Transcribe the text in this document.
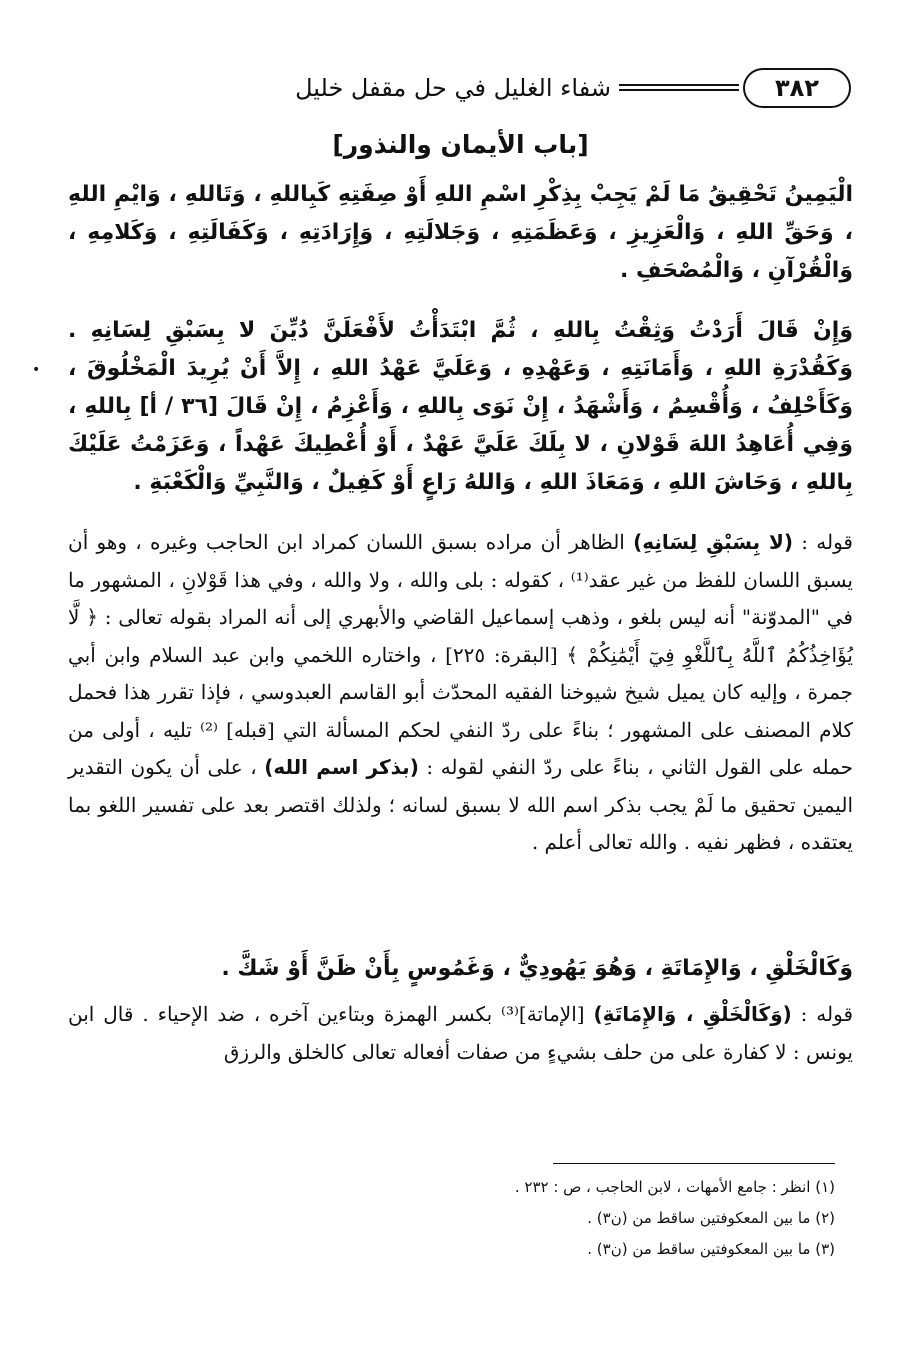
٣٨٢
شفاء الغليل في حل مقفل خليل
[باب الأيمان والنذور]
•
الْيَمِينُ تَحْقِيقُ مَا لَمْ يَجِبْ بِذِكْرِ اسْمِ اللهِ أَوْ صِفَتِهِ كَبِاللهِ ، وَتَاللهِ ، وَايْمِ اللهِ ، وَحَقِّ اللهِ ، وَالْعَزِيزِ ، وَعَظَمَتِهِ ، وَجَلالَتِهِ ، وَإِرَادَتِهِ ، وَكَفَالَتِهِ ، وَكَلامِهِ ، وَالْقُرْآنِ ، وَالْمُصْحَفِ .
وَإِنْ قَالَ أَرَدْتُ وَثِقْتُ بِاللهِ ، ثُمَّ ابْتَدَأْتُ لأَفْعَلَنَّ دُيِّنَ لا بِسَبْقِ لِسَانِهِ . وَكَقُدْرَةِ اللهِ ، وَأَمَانَتِهِ ، وَعَهْدِهِ ، وَعَلَيَّ عَهْدُ اللهِ ، إِلاَّ أَنْ يُرِيدَ الْمَخْلُوقَ ، وَكَأَحْلِفُ ، وَأُقْسِمُ ، وَأَشْهَدُ ، إِنْ نَوَى بِاللهِ ، وَأَعْزِمُ ، إِنْ قَالَ [٣٦ / أ] بِاللهِ ، وَفِي أُعَاهِدُ اللهَ قَوْلانِ ، لا بِلَكَ عَلَيَّ عَهْدٌ ، أَوْ أُعْطِيكَ عَهْداً ، وَعَزَمْتُ عَلَيْكَ بِاللهِ ، وَحَاشَ اللهِ ، وَمَعَاذَ اللهِ ، وَاللهُ رَاعٍ أَوْ كَفِيلٌ ، وَالنَّبِيِّ وَالْكَعْبَةِ .
قوله : (لا بِسَبْقِ لِسَانِهِ) الظاهر أن مراده بسبق اللسان كمراد ابن الحاجب وغيره ، وهو أن يسبق اللسان للفظ من غير عقد⁽¹⁾ ، كقوله : بلى والله ، ولا والله ، وفي هذا قَوْلانِ ، المشهور ما في "المدوّنة" أنه ليس بلغو ، وذهب إسماعيل القاضي والأبهري إلى أنه المراد بقوله تعالى : ﴿ لَّا يُؤَاخِذُكُمُ ٱللَّهُ بِٱللَّغْوِ فِيٓ أَيْمَٰنِكُمْ ﴾ [البقرة: ٢٢٥] ، واختاره اللخمي وابن عبد السلام وابن أبي جمرة ، وإليه كان يميل شيخ شيوخنا الفقيه المحدّث أبو القاسم العبدوسي ، فإذا تقرر هذا فحمل كلام المصنف على المشهور ؛ بناءً على ردّ النفي لحكم المسألة التي [قبله] ⁽²⁾ تليه ، أولى من حمله على القول الثاني ، بناءً على ردّ النفي لقوله : (بذكر اسم الله) ، على أن يكون التقدير اليمين تحقيق ما لَمْ يجب بذكر اسم الله لا بسبق لسانه ؛ ولذلك اقتصر بعد على تفسير اللغو بما يعتقده ، فظهر نفيه . والله تعالى أعلم .
وَكَالْخَلْقِ ، وَالإِمَاتَةِ ، وَهُوَ يَهُودِيٌّ ، وَغَمُوسٍ بِأَنْ ظَنَّ أَوْ شَكَّ .
قوله : (وَكَالْخَلْقِ ، وَالإِمَاتَةِ) [الإماتة]⁽³⁾ بكسر الهمزة وبتاءين آخره ، ضد الإحياء . قال ابن يونس : لا كفارة على من حلف بشيءٍ من صفات أفعاله تعالى كالخلق والرزق

(١) انظر : جامع الأمهات ، لابن الحاجب ، ص : ٢٣٢ .

(٢) ما بين المعكوفتين ساقط من (ن٣) .

(٣) ما بين المعكوفتين ساقط من (ن٣) .
